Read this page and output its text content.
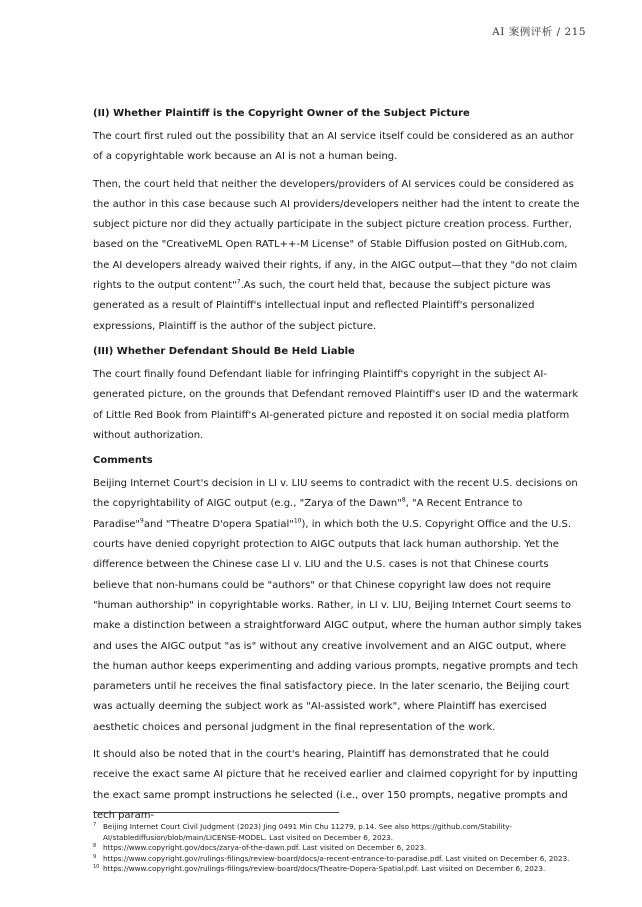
AI 案例评析 / 215
(II) Whether Plaintiff is the Copyright Owner of the Subject Picture

The court first ruled out the possibility that an AI service itself could be considered as an author of a copyrightable work because an AI is not a human being.

Then, the court held that neither the developers/providers of AI services could be considered as the author in this case because such AI providers/developers neither had the intent to create the subject picture nor did they actually participate in the subject picture creation process. Further, based on the "CreativeML Open RATL++-M License" of Stable Diffusion posted on GitHub.com, the AI developers already waived their rights, if any, in the AIGC output—that they "do not claim rights to the output content"$^7$.As such, the court held that, because the subject picture was generated as a result of Plaintiff's intellectual input and reflected Plaintiff's personalized expressions, Plaintiff is the author of the subject picture.

(III) Whether Defendant Should Be Held Liable

The court finally found Defendant liable for infringing Plaintiff's copyright in the subject AI-generated picture, on the grounds that Defendant removed Plaintiff's user ID and the watermark of Little Red Book from Plaintiff's AI-generated picture and reposted it on social media platform without authorization.

Comments

Beijing Internet Court's decision in LI v. LIU seems to contradict with the recent U.S. decisions on the copyrightability of AIGC output (e.g., "Zarya of the Dawn"$^8$, "A Recent Entrance to Paradise"$^9$and "Theatre D'opera Spatial"$^{10}$), in which both the U.S. Copyright Office and the U.S. courts have denied copyright protection to AIGC outputs that lack human authorship. Yet the difference between the Chinese case LI v. LIU and the U.S. cases is not that Chinese courts believe that non-humans could be "authors" or that Chinese copyright law does not require "human authorship" in copyrightable works. Rather, in LI v. LIU, Beijing Internet Court seems to make a distinction between a straightforward AIGC output, where the human author simply takes and uses the AIGC output "as is" without any creative involvement and an AIGC output, where the human author keeps experimenting and adding various prompts, negative prompts and tech parameters until he receives the final satisfactory piece. In the later scenario, the Beijing court was actually deeming the subject work as "AI-assisted work", where Plaintiff has exercised aesthetic choices and personal judgment in the final representation of the work.

It should also be noted that in the court's hearing, Plaintiff has demonstrated that he could receive the exact same AI picture that he received earlier and claimed copyright for by inputting the exact same prompt instructions he selected (i.e., over 150 prompts, negative prompts and tech param-

7 Beijing Internet Court Civil Judgment (2023) Jing 0491 Min Chu 11279, p.14. See also https://github.com/Stability-AI/stablediffusion/blob/main/LICENSE-MODEL. Last visited on December 6, 2023.
8 https://www.copyright.gov/docs/zarya-of-the-dawn.pdf. Last visited on December 6, 2023.
9 https://www.copyright.gov/rulings-filings/review-board/docs/a-recent-entrance-to-paradise.pdf. Last visited on December 6, 2023.
10 https://www.copyright.gov/rulings-filings/review-board/docs/Theatre-Dopera-Spatial.pdf. Last visited on December 6, 2023.
